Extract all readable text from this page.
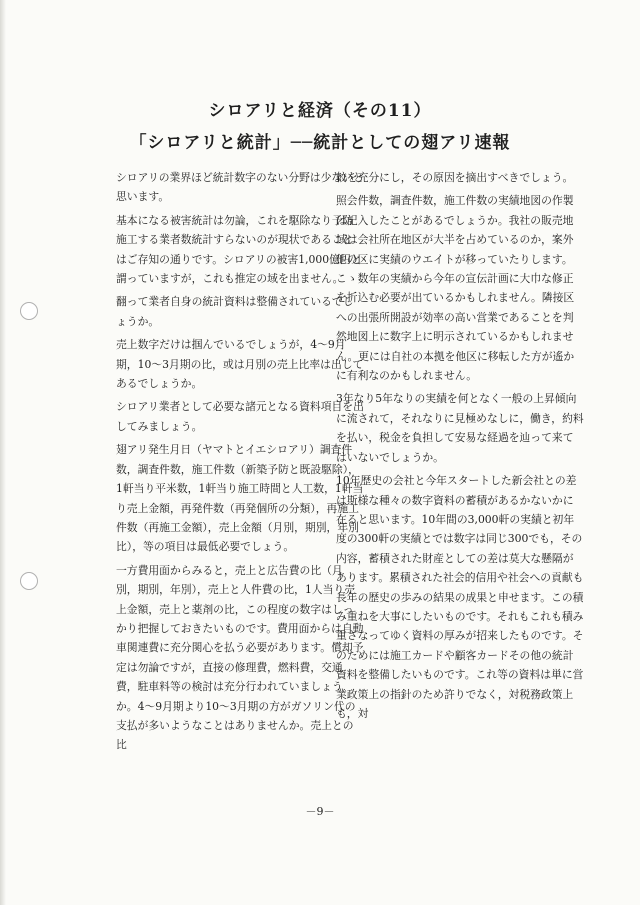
シロアリと経済（その11）
「シロアリと統計」──統計としての翅アリ速報

シロアリの業界ほど統計数字のない分野は少ないと思います。

基本になる被害統計は勿論，これを駆除なり予防施工する業者数統計すらないのが現状であることはご存知の通りです。シロアリの被害1,000億円と謂っていますが，これも推定の域を出ません。

翻って業者自身の統計資料は整備されているでしょうか。

売上数字だけは掴んでいるでしょうが，4～9月期，10～3月期の比，或は月別の売上比率は出してあるでしょうか。

シロアリ業者として必要な諸元となる資料項目を出してみましょう。

翅アリ発生月日（ヤマトとイエシロアリ）調査件数，調査件数，施工件数（新築予防と既設駆除），1軒当り平米数，1軒当り施工時間と人工数，1軒当り売上金額，再発件数（再発個所の分類），再施工件数（再施工金額），売上金額（月別，期別，年別比），等の項目は最低必要でしょう。

一方費用面からみると，売上と広告費の比（月別，期別，年別），売上と人件費の比，1人当り売上金額，売上と薬剤の比，この程度の数字はしっかり把握しておきたいものです。費用面からは自動車関連費に充分関心を払う必要があります。償却予定は勿論ですが，直接の修理費，燃料費，交通費，駐車料等の検討は充分行われていましょうか。4～9月期より10～3月期の方がガソリン代の支払が多いようなことはありませんか。売上との比

較を充分にし，その原因を摘出すべきでしょう。

照会件数，調査件数，施工件数の実績地図の作製は記入したことがあるでしょうか。我社の販売地域は会社所在地区が大半を占めているのか，案外他の区に実績のウエイトが移っていたりします。こゝ数年の実績から今年の宣伝計画に大巾な修正を折込む必要が出ているかもしれません。隣接区への出張所開設が効率の高い営業であることを判然地図上に数字上に明示されているかもしれません。更には自社の本拠を他区に移転した方が遙かに有利なのかもしれません。

3年なり5年なりの実績を何となく一般の上昇傾向に流されて，それなりに見極めなしに，働き，約料を払い，税金を負担して安易な経過を辿って来てはいないでしょうか。

10年歴史の会社と今年スタートした新会社との差は斯様な種々の数字資料の蓄積があるかないかに在ると思います。10年間の3,000軒の実績と初年度の300軒の実績とでは数字は同じ300でも，その内容，蓄積された財産としての差は莫大な懸隔があります。累積された社会的信用や社会への貢献も長年の歴史の歩みの結果の成果と申せます。この積み重ねを大事にしたいものです。それもこれも積み重さなってゆく資料の厚みが招来したものです。そのためには施工カードや顧客カードその他の統計資料を整備したいものです。これ等の資料は単に営業政策上の指針のため許りでなく，対税務政策上も，対

－9－
